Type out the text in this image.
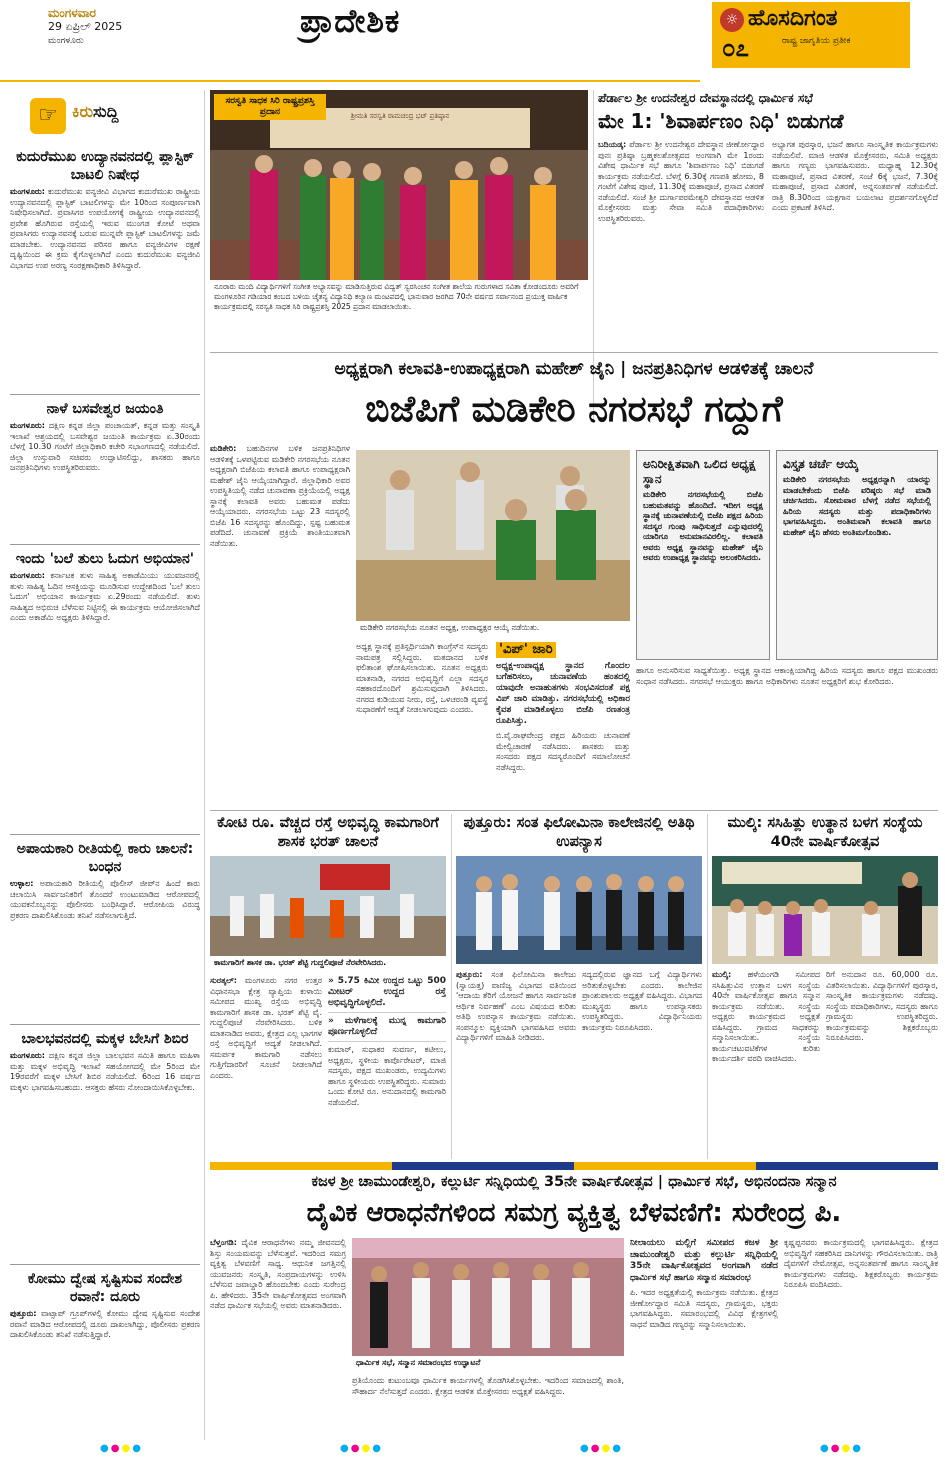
ಮಂಗಳವಾರ
29 ಏಪ್ರಿಲ್ 2025
ಮಂಗಳೂರು
ಪ್ರಾದೇಶಿಕ	☼ ಹೊಸದಿಗಂತ
೦೭	ರಾಷ್ಟ್ರ ಜಾಗೃತಿಯ ಪ್ರತೀಕ
☞ ಕಿರುಸುದ್ದಿ
ಕುದುರೆಮುಖ ಉದ್ಯಾನವನದಲ್ಲಿ ಪ್ಲಾಸ್ಟಿಕ್ ಬಾಟಲಿ ನಿಷೇಧ

ಮಂಗಳೂರು: ಕುದುರೆಮುಖ ವನ್ಯಜೀವಿ ವಿಭಾಗದ ಕುದುರೆಮುಖ ರಾಷ್ಟ್ರೀಯ ಉದ್ಯಾನವನದಲ್ಲಿ ಪ್ಲಾಸ್ಟಿಕ್ ಬಾಟಲಿಗಳನ್ನು ಮೇ 10ರಿಂದ ಸಂಪೂರ್ಣವಾಗಿ ನಿಷೇಧಿಸಲಾಗಿದೆ. ಪ್ರವಾಸಿಗರ ಉಪಯೋಗಕ್ಕೆ ರಾಷ್ಟ್ರೀಯ ಉದ್ಯಾನವನದಲ್ಲಿ ಪ್ರವೇಶ ಹೊಗಿರುವ ರಸ್ತೆಯಲ್ಲಿ ಇರುವ ಮುಂಗಡ ಕೋಟೆ ಅಥವಾ ಪ್ರವಾಸಿಗರು ಉದ್ಯಾನವನಕ್ಕೆ ಬರುವ ಮುನ್ನವೇ ಪ್ಲಾಸ್ಟಿಕ್ ಬಾಟಲಿಗಳನ್ನು ಜಮೆ ಮಾಡಬೇಕು. ಉದ್ಯಾನವನದ ಪರಿಸರ ಹಾಗೂ ವನ್ಯಜೀವಿಗಳ ರಕ್ಷಣೆ ದೃಷ್ಟಿಯಿಂದ ಈ ಕ್ರಮ ಕೈಗೊಳ್ಳಲಾಗಿದೆ ಎಂದು ಕುದುರೆಮುಖ ವನ್ಯಜೀವಿ ವಿಭಾಗದ ಉಪ ಅರಣ್ಯ ಸಂರಕ್ಷಣಾಧಿಕಾರಿ ತಿಳಿಸಿದ್ದಾರೆ.

ನಾಳೆ ಬಸವೇಶ್ವರ ಜಯಂತಿ

ಮಂಗಳೂರು: ದಕ್ಷಿಣ ಕನ್ನಡ ಜಿಲ್ಲಾ ಪಂಚಾಯತ್, ಕನ್ನಡ ಮತ್ತು ಸಂಸ್ಕೃತಿ ಇಲಾಖೆ ಆಶ್ರಯದಲ್ಲಿ ಬಸವೇಶ್ವರ ಜಯಂತಿ ಕಾರ್ಯಕ್ರಮ ಏ.30ರಂದು ಬೆಳಗ್ಗೆ 10.30 ಗಂಟೆಗೆ ಜಿಲ್ಲಾಧಿಕಾರಿ ಕಚೇರಿ ಸಭಾಂಗಣದಲ್ಲಿ ನಡೆಯಲಿದೆ. ಜಿಲ್ಲಾ ಉಸ್ತುವಾರಿ ಸಚಿವರು ಉದ್ಘಾಟಿಸಲಿದ್ದು, ಶಾಸಕರು ಹಾಗೂ ಜನಪ್ರತಿನಿಧಿಗಳು ಉಪಸ್ಥಿತರಿರುವರು.

ಇಂದು 'ಬಲೆ ತುಲು ಓದುಗ ಅಭಿಯಾನ'

ಮಂಗಳೂರು: ಕರ್ನಾಟಕ ತುಳು ಸಾಹಿತ್ಯ ಅಕಾಡೆಮಿಯು ಯುವಜನರಲ್ಲಿ ತುಳು ಸಾಹಿತ್ಯ ಓದಿನ ಆಸಕ್ತಿಯನ್ನು ಮೂಡಿಸುವ ಉದ್ದೇಶದಿಂದ 'ಬಲೆ ತುಲು ಓದುಗ' ಅಭಿಯಾನ ಕಾರ್ಯಕ್ರಮ ಏ.29ರಂದು ನಡೆಯಲಿದೆ. ತುಳು ಸಾಹಿತ್ಯದ ಅಭಿರುಚಿ ಬೆಳೆಸುವ ನಿಟ್ಟಿನಲ್ಲಿ ಈ ಕಾರ್ಯಕ್ರಮ ಆಯೋಜಿಸಲಾಗಿದೆ ಎಂದು ಅಕಾಡೆಮಿ ಅಧ್ಯಕ್ಷರು ತಿಳಿಸಿದ್ದಾರೆ.

ಅಪಾಯಕಾರಿ ರೀತಿಯಲ್ಲಿ ಕಾರು ಚಾಲನೆ: ಬಂಧನ

ಉಳ್ಳಾಲ: ಅಪಾಯಕಾರಿ ರೀತಿಯಲ್ಲಿ ಪೊಲೀಸ್ ಜೀಪ್‌ನ ಹಿಂದೆ ಕಾರು ಚಲಾಯಿಸಿ ಸಾರ್ವಜನಿಕರಿಗೆ ತೊಂದರೆ ಉಂಟುಮಾಡಿದ ಆರೋಪದಲ್ಲಿ ಯುವಕನೊಬ್ಬನನ್ನು ಪೊಲೀಸರು ಬಂಧಿಸಿದ್ದಾರೆ. ಆರೋಪಿಯ ವಿರುದ್ಧ ಪ್ರಕರಣ ದಾಖಲಿಸಿಕೊಂಡು ತನಿಖೆ ನಡೆಸಲಾಗುತ್ತಿದೆ.

ಬಾಲಭವನದಲ್ಲಿ ಮಕ್ಕಳ ಬೇಸಿಗೆ ಶಿಬಿರ

ಮಂಗಳೂರು: ದಕ್ಷಿಣ ಕನ್ನಡ ಜಿಲ್ಲಾ ಬಾಲಭವನ ಸಮಿತಿ ಹಾಗೂ ಮಹಿಳಾ ಮತ್ತು ಮಕ್ಕಳ ಅಭಿವೃದ್ಧಿ ಇಲಾಖೆ ಸಹಯೋಗದಲ್ಲಿ ಮೇ 5ರಿಂದ ಮೇ 19ರವರೆಗೆ ಮಕ್ಕಳ ಬೇಸಿಗೆ ಶಿಬಿರ ನಡೆಯಲಿದೆ. 6ರಿಂದ 16 ವರ್ಷದ ಮಕ್ಕಳು ಭಾಗವಹಿಸಬಹುದು. ಆಸಕ್ತರು ಹೆಸರು ನೋಂದಾಯಿಸಿಕೊಳ್ಳಬೇಕು.

ಕೋಮು ದ್ವೇಷ ಸೃಷ್ಟಿಸುವ ಸಂದೇಶ ರವಾನೆ: ದೂರು

ಪುತ್ತೂರು: ವಾಟ್ಸಾಪ್ ಗ್ರೂಪ್‌ಗಳಲ್ಲಿ ಕೋಮು ದ್ವೇಷ ಸೃಷ್ಟಿಸುವ ಸಂದೇಶ ರವಾನೆ ಮಾಡಿದ ಆರೋಪದಲ್ಲಿ ದೂರು ದಾಖಲಾಗಿದ್ದು, ಪೊಲೀಸರು ಪ್ರಕರಣ ದಾಖಲಿಸಿಕೊಂಡು ತನಿಖೆ ನಡೆಸುತ್ತಿದ್ದಾರೆ.

ಸರಸ್ವತಿ ಸಾಧಕ ಸಿರಿ ರಾಷ್ಟ್ರಪ್ರಶಸ್ತಿ ಪ್ರದಾನ	ಶ್ರೀಮತಿ ಸರಸ್ವತಿ ರಾಮಚಂದ್ರ ಭಟ್ ಪ್ರತಿಷ್ಠಾನ
ನೂರಾರು ಮಂದಿ ವಿದ್ಯಾರ್ಥಿಗಳಿಗೆ ಸಂಗೀತ ಅಭ್ಯಾಸವನ್ನು ಮಾಡಿಸುತ್ತಿರುವ ವಿದ್ವತ್ ಸ್ವರಸಿಂಚನ ಸಂಗೀತ ಶಾಲೆಯ ಗುರುಗಳಾದ ಸವಿತಾ ಕೋಡಂದೂರು ಅವರಿಗೆ ಮಂಗಳೂರಿನ ಗಡಿಯಾರ ಕಂಬದ ಬಳಿಯ ಚೈತನ್ಯ ವಿದ್ಯಾನಿಧಿ ಕಲ್ಯಾಣ ಮಂಟಪದಲ್ಲಿ ಭಾನುವಾರ ಜರಗಿದ 70ನೇ ವರ್ಷದ ಸರ್ವಾನಂದ ಪ್ರಯುಕ್ತ ವಾರ್ಷಿಕ ಕಾರ್ಯಕ್ರಮದಲ್ಲಿ ಸರಸ್ವತಿ ಸಾಧಕ ಸಿರಿ ರಾಷ್ಟ್ರಪ್ರಶಸ್ತಿ 2025 ಪ್ರದಾನ ಮಾಡಲಾಯಿತು.
ಪೆರ್ಡಾಲ ಶ್ರೀ ಉದನೇಶ್ವರ ದೇವಸ್ಥಾನದಲ್ಲಿ ಧಾರ್ಮಿಕ ಸಭೆ
ಮೇ 1: 'ಶಿವಾರ್ಪಣಂ ನಿಧಿ' ಬಿಡುಗಡೆ

ಬದಿಯಡ್ಕ: ಪೆರ್ಡಾಲ ಶ್ರೀ ಉದನೇಶ್ವರ ದೇವಸ್ಥಾನ ಜೀರ್ಣೋದ್ಧಾರ ಪುನಃ ಪ್ರತಿಷ್ಠಾ ಬ್ರಹ್ಮಕಲಶೋತ್ಸವದ ಅಂಗವಾಗಿ ಮೇ 1ರಂದು ವಿಶೇಷ ಧಾರ್ಮಿಕ ಸಭೆ ಹಾಗೂ 'ಶಿವಾರ್ಪಣಂ ನಿಧಿ' ಬಿಡುಗಡೆ ಕಾರ್ಯಕ್ರಮ ನಡೆಯಲಿದೆ. ಬೆಳಗ್ಗೆ 6.30ಕ್ಕೆ ಗಣಪತಿ ಹೋಮ, 8 ಗಂಟೆಗೆ ವಿಶೇಷ ಪೂಜೆ, 11.30ಕ್ಕೆ ಮಹಾಪೂಜೆ, ಪ್ರಸಾದ ವಿತರಣೆ ನಡೆಯಲಿದೆ. ಸಂಜೆ ಶ್ರೀ ದುರ್ಗಾಪರಮೇಶ್ವರಿ ದೇವಸ್ಥಾನದ ಆಡಳಿತ ಮೊಕ್ತೇಸರರು ಮತ್ತು ಸೇವಾ ಸಮಿತಿ ಪದಾಧಿಕಾರಿಗಳು ಉಪಸ್ಥಿತರಿರುವರು.

ಅಭ್ಯಾಗತ ಪುರಸ್ಕಾರ, ಭಜನೆ ಹಾಗೂ ಸಾಂಸ್ಕೃತಿಕ ಕಾರ್ಯಕ್ರಮಗಳು ನಡೆಯಲಿವೆ. ಮಾಜಿ ಆಡಳಿತ ಮೊಕ್ತೇಸರರು, ಸಮಿತಿ ಅಧ್ಯಕ್ಷರು ಹಾಗೂ ಗಣ್ಯರು ಭಾಗವಹಿಸುವರು. ಮಧ್ಯಾಹ್ನ 12.30ಕ್ಕೆ ಮಹಾಪೂಜೆ, ಪ್ರಸಾದ ವಿತರಣೆ, ಸಂಜೆ 6ಕ್ಕೆ ಭಜನೆ, 7.30ಕ್ಕೆ ಮಹಾಪೂಜೆ, ಪ್ರಸಾದ ವಿತರಣೆ, ಅನ್ನಸಂತರ್ಪಣೆ ನಡೆಯಲಿದೆ. ರಾತ್ರಿ 8.30ರಿಂದ ಯಕ್ಷಗಾನ ಬಯಲಾಟ ಪ್ರದರ್ಶನಗೊಳ್ಳಲಿದೆ ಎಂದು ಪ್ರಕಟಣೆ ತಿಳಿಸಿದೆ.

ಅಧ್ಯಕ್ಷರಾಗಿ ಕಲಾವತಿ-ಉಪಾಧ್ಯಕ್ಷರಾಗಿ ಮಹೇಶ್ ಜೈನಿ | ಜನಪ್ರತಿನಿಧಿಗಳ ಆಡಳಿತಕ್ಕೆ ಚಾಲನೆ
ಬಿಜೆಪಿಗೆ ಮಡಿಕೇರಿ ನಗರಸಭೆ ಗದ್ದುಗೆ

ಮಡಿಕೇರಿ: ಬಹುದಿನಗಳ ಬಳಿಕ ಜನಪ್ರತಿನಿಧಿಗಳ ಆಡಳಿತಕ್ಕೆ ಒಳಪಟ್ಟಿರುವ ಮಡಿಕೇರಿ ನಗರಸಭೆಯ ನೂತನ ಅಧ್ಯಕ್ಷರಾಗಿ ಬಿಜೆಪಿಯ ಕಲಾವತಿ ಹಾಗೂ ಉಪಾಧ್ಯಕ್ಷರಾಗಿ ಮಹೇಶ್ ಜೈನಿ ಆಯ್ಕೆಯಾಗಿದ್ದಾರೆ. ಜಿಲ್ಲಾಧಿಕಾರಿ ಅವರ ಉಪಸ್ಥಿತಿಯಲ್ಲಿ ನಡೆದ ಚುನಾವಣಾ ಪ್ರಕ್ರಿಯೆಯಲ್ಲಿ ಅಧ್ಯಕ್ಷ ಸ್ಥಾನಕ್ಕೆ ಕಲಾವತಿ ಅವರು ಬಹುಮತ ಪಡೆದು ಆಯ್ಕೆಯಾದರು. ನಗರಸಭೆಯ ಒಟ್ಟು 23 ಸದಸ್ಯರಲ್ಲಿ ಬಿಜೆಪಿ 16 ಸದಸ್ಯರನ್ನು ಹೊಂದಿದ್ದು, ಸ್ಪಷ್ಟ ಬಹುಮತ ಪಡೆದಿದೆ. ಚುನಾವಣೆ ಪ್ರಕ್ರಿಯೆ ಶಾಂತಿಯುತವಾಗಿ ನಡೆಯಿತು.

ಮಡಿಕೇರಿ ನಗರಸಭೆಯ ನೂತನ ಅಧ್ಯಕ್ಷ, ಉಪಾಧ್ಯಕ್ಷರ ಆಯ್ಕೆ ನಡೆಯಿತು.

ಅಧ್ಯಕ್ಷ ಸ್ಥಾನಕ್ಕೆ ಪ್ರತಿಸ್ಪರ್ಧಿಯಾಗಿ ಕಾಂಗ್ರೆಸ್‌ನ ಸದಸ್ಯರು ನಾಮಪತ್ರ ಸಲ್ಲಿಸಿದ್ದರು. ಮತದಾನದ ಬಳಿಕ ಫಲಿತಾಂಶ ಘೋಷಿಸಲಾಯಿತು. ನೂತನ ಅಧ್ಯಕ್ಷರು ಮಾತನಾಡಿ, ನಗರದ ಅಭಿವೃದ್ಧಿಗೆ ಎಲ್ಲಾ ಸದಸ್ಯರ ಸಹಕಾರದೊಂದಿಗೆ ಶ್ರಮಿಸುವುದಾಗಿ ತಿಳಿಸಿದರು. ನಗರದ ಕುಡಿಯುವ ನೀರು, ರಸ್ತೆ, ಒಳಚರಂಡಿ ವ್ಯವಸ್ಥೆ ಸುಧಾರಣೆಗೆ ಆದ್ಯತೆ ನೀಡಲಾಗುವುದು ಎಂದರು.

'ವಿಪ್' ಜಾರಿ

ಅಧ್ಯಕ್ಷ-ಉಪಾಧ್ಯಕ್ಷ ಸ್ಥಾನದ ಗೊಂದಲ ಬಗೆಹರಿಸಲು, ಚುನಾವಣೆಯ ಹಂತದಲ್ಲಿ ಯಾವುದೇ ಅನಾಹುತಗಳು ಸಂಭವಿಸದಂತೆ ಪಕ್ಷ ವಿಪ್ ಜಾರಿ ಮಾಡಿತ್ತು. ನಗರಸಭೆಯಲ್ಲಿ ಅಧಿಕಾರ ಕೈವಶ ಮಾಡಿಕೊಳ್ಳಲು ಬಿಜೆಪಿ ರಣತಂತ್ರ ರೂಪಿಸಿತ್ತು.

ಬಿ.ವೈ.ರಾಘವೇಂದ್ರ ಪಕ್ಷದ ಹಿರಿಯರು ಚುನಾವಣೆ ಮೇಲ್ವಿಚಾರಣೆ ನಡೆಸಿದರು. ಶಾಸಕರು ಮತ್ತು ಸಂಸದರು ಪಕ್ಷದ ಸದಸ್ಯರೊಂದಿಗೆ ಸಮಾಲೋಚನೆ ನಡೆಸಿದ್ದರು.

ಅನಿರೀಕ್ಷಿತವಾಗಿ ಒಲಿದ ಅಧ್ಯಕ್ಷ ಸ್ಥಾನ

ಮಡಿಕೇರಿ ನಗರಸಭೆಯಲ್ಲಿ ಬಿಜೆಪಿ ಬಹುಮತವನ್ನು ಹೊಂದಿದೆ. ಇದೀಗ ಅಧ್ಯಕ್ಷ ಸ್ಥಾನಕ್ಕೆ ಚುನಾವಣೆಯಲ್ಲಿ ಬಿಜೆಪಿ ಪಕ್ಷದ ಹಿರಿಯ ಸದಸ್ಯರ ಗುಂಪು ಸಾಧಿಸುತ್ತದೆ ಎನ್ನುವುದರಲ್ಲಿ ಯಾರಿಗೂ ಅನುಮಾನವಿರಲಿಲ್ಲ. ಕಲಾವತಿ ಅವರು ಅಧ್ಯಕ್ಷ ಸ್ಥಾನವನ್ನು ಮಹೇಶ್ ಜೈನಿ ಅವರು ಉಪಾಧ್ಯಕ್ಷ ಸ್ಥಾನವನ್ನು ಅಲಂಕರಿಸಿದರು.

ವಿಸ್ತೃತ ಚರ್ಚೆ ಆಯ್ಕೆ

ಮಡಿಕೇರಿ ನಗರಸಭೆಯ ಅಧ್ಯಕ್ಷರನ್ನಾಗಿ ಯಾರನ್ನು ಮಾಡಬೇಕೆಂದು ಬಿಜೆಪಿ ವರಿಷ್ಠರು ಸಭೆ ಮಾಡಿ ಚರ್ಚಿಸಿದರು. ಸೋಮವಾರ ಬೆಳಗ್ಗೆ ನಡೆದ ಸಭೆಯಲ್ಲಿ ಹಿರಿಯ ಸದಸ್ಯರು ಮತ್ತು ಪದಾಧಿಕಾರಿಗಳು ಭಾಗವಹಿಸಿದ್ದರು. ಅಂತಿಮವಾಗಿ ಕಲಾವತಿ ಹಾಗೂ ಮಹೇಶ್ ಜೈನಿ ಹೆಸರು ಅಂತಿಮಗೊಂಡಿತು.

ಹಾಗೂ ಅನುಸರಿಸುವ ಸಾಧ್ಯತೆಯಿತ್ತು. ಅಧ್ಯಕ್ಷ ಸ್ಥಾನದ ಆಕಾಂಕ್ಷಿಯಾಗಿದ್ದ ಹಿರಿಯ ಸದಸ್ಯರು ಹಾಗೂ ಪಕ್ಷದ ಮುಖಂಡರು ಸಂಧಾನ ನಡೆಸಿದರು. ನಗರಸಭೆ ಆಯುಕ್ತರು ಹಾಗೂ ಅಧಿಕಾರಿಗಳು ನೂತನ ಅಧ್ಯಕ್ಷರಿಗೆ ಶುಭ ಕೋರಿದರು.

ಕೋಟಿ ರೂ. ವೆಚ್ಚದ ರಸ್ತೆ ಅಭಿವೃದ್ಧಿ ಕಾಮಗಾರಿಗೆ ಶಾಸಕ ಭರತ್ ಚಾಲನೆ
ಕಾಮಗಾರಿಗೆ ಶಾಸಕ ಡಾ. ಭರತ್ ಶೆಟ್ಟಿ ಗುದ್ದಲಿಪೂಜೆ ನೆರವೇರಿಸಿದರು.

ಸುರತ್ಕಲ್: ಮಂಗಳೂರು ನಗರ ಉತ್ತರ ವಿಧಾನಸಭಾ ಕ್ಷೇತ್ರ ವ್ಯಾಪ್ತಿಯ ಕುಳಾಯಿ ಸಮೀಪದ ಮುಖ್ಯ ರಸ್ತೆಯ ಅಭಿವೃದ್ಧಿ ಕಾಮಗಾರಿಗೆ ಶಾಸಕ ಡಾ. ಭರತ್ ಶೆಟ್ಟಿ ವೈ. ಗುದ್ದಲಿಪೂಜೆ ನೆರವೇರಿಸಿದರು. ಬಳಿಕ ಮಾತನಾಡಿದ ಅವರು, ಕ್ಷೇತ್ರದ ಎಲ್ಲ ಭಾಗಗಳ ರಸ್ತೆ ಅಭಿವೃದ್ಧಿಗೆ ಆದ್ಯತೆ ನೀಡಲಾಗಿದೆ. ಸಮರ್ಪಕ ಕಾಮಗಾರಿ ನಡೆಸಲು ಗುತ್ತಿಗೆದಾರರಿಗೆ ಸೂಚನೆ ನೀಡಲಾಗಿದೆ ಎಂದರು.

» 5.75 ಕಿಮೀ ಉದ್ದದ ಒಟ್ಟು 500 ಮೀಟರ್ ಉದ್ದದ ರಸ್ತೆ ಅಭಿವೃದ್ಧಿಗೊಳ್ಳಲಿದೆ.

» ಮಳೆಗಾಲಕ್ಕೆ ಮುನ್ನ ಕಾಮಗಾರಿ ಪೂರ್ಣಗೊಳ್ಳಲಿದೆ

ಕುಮಾರ್, ಸುಧಾಕರ ಸುವರ್ಣ, ಕಟೀಲು, ಅಧ್ಯಕ್ಷರು, ಸ್ಥಳೀಯ ಕಾರ್ಪೊರೇಟರ್, ಮಾಜಿ ಸದಸ್ಯರು, ಪಕ್ಷದ ಮುಖಂಡರು, ಉದ್ಯಮಿಗಳು ಹಾಗೂ ಸ್ಥಳೀಯರು ಉಪಸ್ಥಿತರಿದ್ದರು. ಸುಮಾರು ಒಂದು ಕೋಟಿ ರೂ. ಅನುದಾನದಲ್ಲಿ ಕಾಮಗಾರಿ ನಡೆಯಲಿದೆ.

ಪುತ್ತೂರು: ಸಂತ ಫಿಲೋಮಿನಾ ಕಾಲೇಜಿನಲ್ಲಿ ಅತಿಥಿ ಉಪನ್ಯಾಸ

ಪುತ್ತೂರು: ಸಂತ ಫಿಲೋಮಿನಾ ಕಾಲೇಜು (ಸ್ವಾಯತ್ತ) ವಾಣಿಜ್ಯ ವಿಭಾಗದ ವತಿಯಿಂದ 'ಆದಾಯ ತೆರಿಗೆ ಯೋಜನೆ ಹಾಗೂ ಸಾರ್ವಜನಿಕ ಆರ್ಥಿಕ ನಿರ್ವಹಣೆ' ಎಂಬ ವಿಷಯದ ಕುರಿತು ಅತಿಥಿ ಉಪನ್ಯಾಸ ಕಾರ್ಯಕ್ರಮ ನಡೆಯಿತು. ಸಂಪನ್ಮೂಲ ವ್ಯಕ್ತಿಯಾಗಿ ಭಾಗವಹಿಸಿದ ಅವರು ವಿದ್ಯಾರ್ಥಿಗಳಿಗೆ ಮಾಹಿತಿ ನೀಡಿದರು.

ಸದ್ಯದಲ್ಲಿರುವ ಜ್ಞಾನದ ಬಗ್ಗೆ ವಿದ್ಯಾರ್ಥಿಗಳು ಅರಿತುಕೊಳ್ಳಬೇಕು ಎಂದರು. ಕಾಲೇಜಿನ ಪ್ರಾಂಶುಪಾಲರು ಅಧ್ಯಕ್ಷತೆ ವಹಿಸಿದ್ದರು. ವಿಭಾಗದ ಮುಖ್ಯಸ್ಥರು ಹಾಗೂ ಉಪನ್ಯಾಸಕರು ಉಪಸ್ಥಿತರಿದ್ದರು. ವಿದ್ಯಾರ್ಥಿನಿಯರು ಕಾರ್ಯಕ್ರಮ ನಿರೂಪಿಸಿದರು.

ಮುಲ್ಕಿ: ಸಸಿಹಿತ್ಲು ಉತ್ಥಾನ ಬಳಗ ಸಂಸ್ಥೆಯ 40ನೇ ವಾರ್ಷಿಕೋತ್ಸವ

ಮುಲ್ಕಿ: ಹಳೆಯಂಗಡಿ ಸಮೀಪದ ಸಸಿಹಿತ್ಲುವಿನ ಉತ್ಥಾನ ಬಳಗ ಸಂಸ್ಥೆಯ 40ನೇ ವಾರ್ಷಿಕೋತ್ಸವ ಹಾಗೂ ಸನ್ಮಾನ ಕಾರ್ಯಕ್ರಮ ನಡೆಯಿತು. ಸಂಸ್ಥೆಯ ಅಧ್ಯಕ್ಷರು ಕಾರ್ಯಕ್ರಮದ ಅಧ್ಯಕ್ಷತೆ ವಹಿಸಿದ್ದರು. ಗ್ರಾಮದ ಸಾಧಕರನ್ನು ಸನ್ಮಾನಿಸಲಾಯಿತು. ಸಂಸ್ಥೆಯ ಕಾರ್ಯಚಟುವಟಿಕೆಗಳ ಕುರಿತು ಕಾರ್ಯದರ್ಶಿ ವರದಿ ವಾಚಿಸಿದರು.

ರಿಗೆ ಅನುದಾನ ರೂ. 60,000 ರೂ. ವಿತರಿಸಲಾಯಿತು. ವಿದ್ಯಾರ್ಥಿಗಳಿಗೆ ಪುರಸ್ಕಾರ, ಸಾಂಸ್ಕೃತಿಕ ಕಾರ್ಯಕ್ರಮಗಳು ನಡೆದವು. ಸಂಸ್ಥೆಯ ಪದಾಧಿಕಾರಿಗಳು, ಸದಸ್ಯರು ಹಾಗೂ ಗ್ರಾಮಸ್ಥರು ಉಪಸ್ಥಿತರಿದ್ದರು. ಕಾರ್ಯಕ್ರಮವನ್ನು ಶಿಕ್ಷಕರೊಬ್ಬರು ನಿರೂಪಿಸಿದರು.

ಕಜಳ ಶ್ರೀ ಚಾಮುಂಡೇಶ್ವರಿ, ಕಲ್ಲುರ್ಟಿ ಸನ್ನಿಧಿಯಲ್ಲಿ 35ನೇ ವಾರ್ಷಿಕೋತ್ಸವ | ಧಾರ್ಮಿಕ ಸಭೆ, ಅಭಿನಂದನಾ ಸನ್ಮಾನ
ದೈವಿಕ ಆರಾಧನೆಗಳಿಂದ ಸಮಗ್ರ ವ್ಯಕ್ತಿತ್ವ ಬೆಳವಣಿಗೆ: ಸುರೇಂದ್ರ ಪಿ.

ಬೆಳ್ತಂಗಡಿ: ದೈವಿಕ ಆರಾಧನೆಗಳು ನಮ್ಮ ಜೀವನದಲ್ಲಿ ಶಿಸ್ತು ಸಂಯಮವನ್ನು ಬೆಳೆಸುತ್ತವೆ. ಇದರಿಂದ ಸಮಗ್ರ ವ್ಯಕ್ತಿತ್ವ ಬೆಳವಣಿಗೆ ಸಾಧ್ಯ. ಆಧುನಿಕ ಜಗತ್ತಿನಲ್ಲಿ ಯುವಜನರು ಸಂಸ್ಕೃತಿ, ಸಂಪ್ರದಾಯಗಳನ್ನು ಉಳಿಸಿ ಬೆಳೆಸುವ ಜವಾಬ್ದಾರಿ ಹೊಂದಬೇಕು ಎಂದು ಸುರೇಂದ್ರ ಪಿ. ಹೇಳಿದರು. 35ನೇ ವಾರ್ಷಿಕೋತ್ಸವದ ಅಂಗವಾಗಿ ನಡೆದ ಧಾರ್ಮಿಕ ಸಭೆಯಲ್ಲಿ ಅವರು ಮಾತನಾಡಿದರು.

ಧಾರ್ಮಿಕ ಸಭೆ, ಸನ್ಮಾನ ಸಮಾರಂಭದ ಉದ್ಘಾಟನೆ

ಪ್ರತಿಯೊಂದು ಕುಟುಂಬವೂ ಧಾರ್ಮಿಕ ಕಾರ್ಯಗಳಲ್ಲಿ ತೊಡಗಿಸಿಕೊಳ್ಳಬೇಕು. ಇದರಿಂದ ಸಮಾಜದಲ್ಲಿ ಶಾಂತಿ, ಸೌಹಾರ್ದ ನೆಲೆಸುತ್ತದೆ ಎಂದರು. ಕ್ಷೇತ್ರದ ಆಡಳಿತ ಮೊಕ್ತೇಸರರು ಅಧ್ಯಕ್ಷತೆ ವಹಿಸಿದ್ದರು.

ನೀಲಾಯಲು ಮಲ್ಲಿಗೆ ಸಮೀಪದ ಕಜಳ ಶ್ರೀ ಚಾಮುಂಡೇಶ್ವರಿ ಮತ್ತು ಕಲ್ಲುರ್ಟಿ ಸನ್ನಿಧಿಯಲ್ಲಿ 35ನೇ ವಾರ್ಷಿಕೋತ್ಸವದ ಅಂಗವಾಗಿ ನಡೆದ ಧಾರ್ಮಿಕ ಸಭೆ ಹಾಗೂ ಸನ್ಮಾನ ಸಮಾರಂಭ

ಪಿ. ಇದರ ಅಧ್ಯಕ್ಷತೆಯಲ್ಲಿ ಕಾರ್ಯಕ್ರಮ ನಡೆಯಿತು. ಕ್ಷೇತ್ರದ ಜೀರ್ಣೋದ್ಧಾರ ಸಮಿತಿ ಸದಸ್ಯರು, ಗ್ರಾಮಸ್ಥರು, ಭಕ್ತರು ಭಾಗವಹಿಸಿದ್ದರು. ಸಮಾರಂಭದಲ್ಲಿ ವಿವಿಧ ಕ್ಷೇತ್ರಗಳಲ್ಲಿ ಸಾಧನೆ ಮಾಡಿದ ಗಣ್ಯರನ್ನು ಸನ್ಮಾನಿಸಲಾಯಿತು.

ಕೃಷ್ಣಪ್ಪನವರು ಕಾರ್ಯಕ್ರಮದಲ್ಲಿ ಭಾಗವಹಿಸಿದ್ದರು. ಕ್ಷೇತ್ರದ ಅಭಿವೃದ್ಧಿಗೆ ಸಹಕರಿಸಿದ ದಾನಿಗಳನ್ನು ಗೌರವಿಸಲಾಯಿತು. ರಾತ್ರಿ ದೈವಗಳಿಗೆ ನೇಮೋತ್ಸವ, ಅನ್ನಸಂತರ್ಪಣೆ ಹಾಗೂ ಸಾಂಸ್ಕೃತಿಕ ಕಾರ್ಯಕ್ರಮಗಳು ನಡೆದವು. ಶಿಕ್ಷಕರೊಬ್ಬರು ಕಾರ್ಯಕ್ರಮ ನಿರೂಪಿಸಿ ವಂದಿಸಿದರು.

●●●●	●●●●	●●●●	●●●●
